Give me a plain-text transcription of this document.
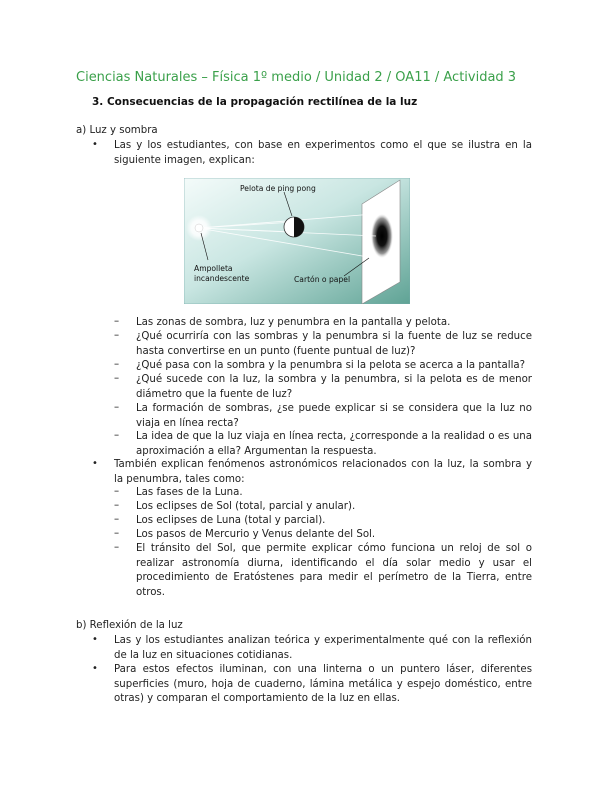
Ciencias Naturales – Física 1º medio / Unidad 2 / OA11 / Actividad 3
3. Consecuencias de la propagación rectilínea de la luz
a) Luz y sombra
•	Las y los estudiantes, con base en experimentos como el que se ilustra en la siguiente imagen, explican:
Pelota de ping pong
Ampolleta
incandescente	Cartón o papel
–	Las zonas de sombra, luz y penumbra en la pantalla y pelota.
–	¿Qué ocurriría con las sombras y la penumbra si la fuente de luz se reduce hasta convertirse en un punto (fuente puntual de luz)?
–	¿Qué pasa con la sombra y la penumbra si la pelota se acerca a la pantalla?
–	¿Qué sucede con la luz, la sombra y la penumbra, si la pelota es de menor diámetro que la fuente de luz?
–	La formación de sombras, ¿se puede explicar si se considera que la luz no viaja en línea recta?
–	La idea de que la luz viaja en línea recta, ¿corresponde a la realidad o es una aproximación a ella? Argumentan la respuesta.
•	También explican fenómenos astronómicos relacionados con la luz, la sombra y la penumbra, tales como:
–	Las fases de la Luna.
–	Los eclipses de Sol (total, parcial y anular).
–	Los eclipses de Luna (total y parcial).
–	Los pasos de Mercurio y Venus delante del Sol.
–	El tránsito del Sol, que permite explicar cómo funciona un reloj de sol o realizar astronomía diurna, identificando el día solar medio y usar el procedimiento de Eratóstenes para medir el perímetro de la Tierra, entre otros.
b) Reflexión de la luz
•	Las y los estudiantes analizan teórica y experimentalmente qué con la reflexión de la luz en situaciones cotidianas.
•	Para estos efectos iluminan, con una linterna o un puntero láser, diferentes superficies (muro, hoja de cuaderno, lámina metálica y espejo doméstico, entre otras) y comparan el comportamiento de la luz en ellas.
